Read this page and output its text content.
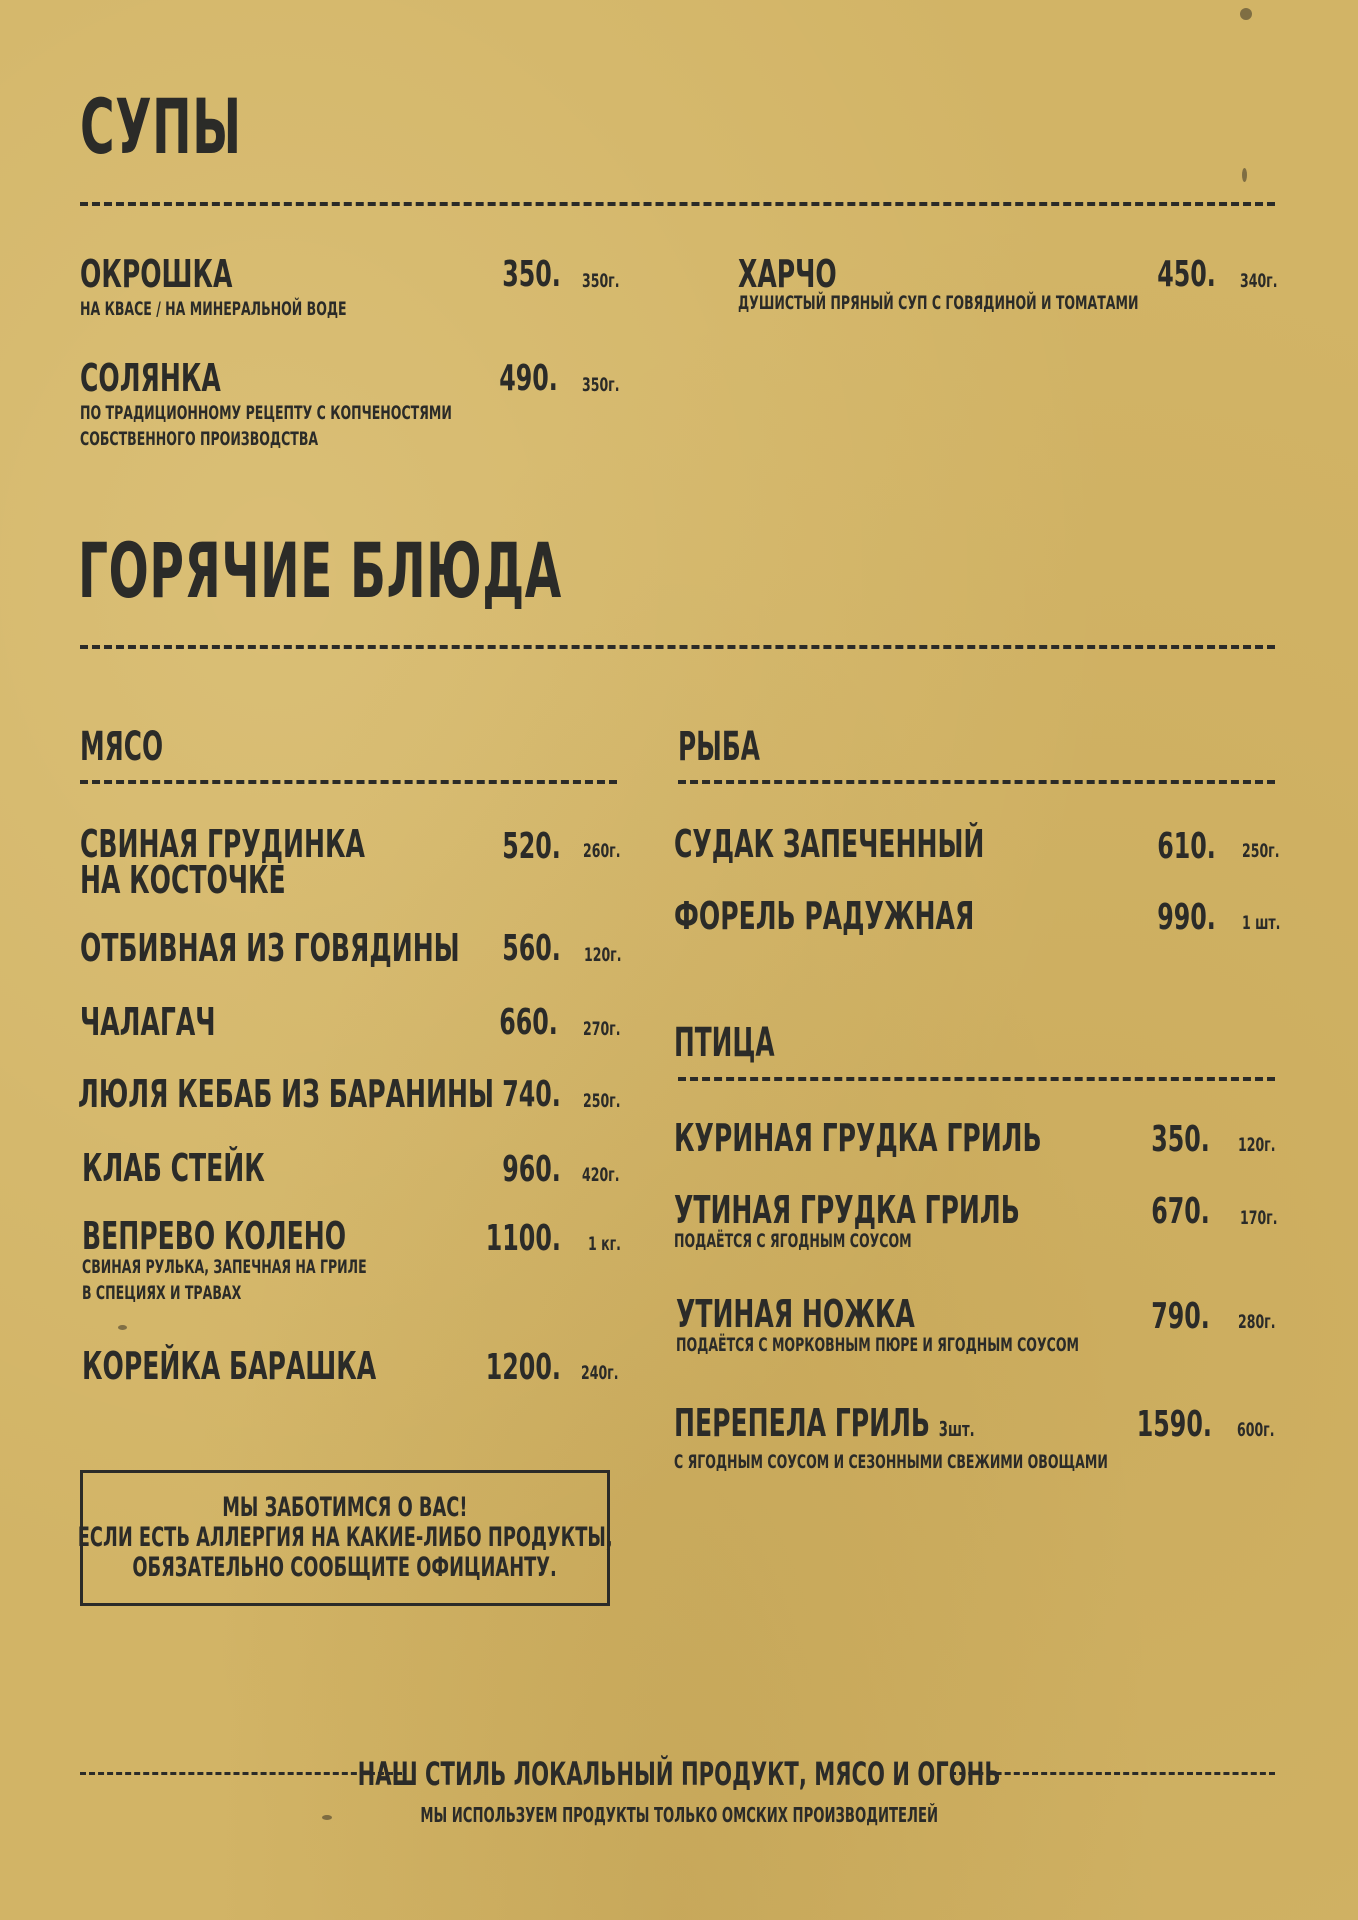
СУПЫ
ОКРОШКА
НА КВАСЕ / НА МИНЕРАЛЬНОЙ ВОДЕ
350. 350г.	ХАРЧО
ДУШИСТЫЙ ПРЯНЫЙ СУП С ГОВЯДИНОЙ И ТОМАТАМИ
450. 340г.
СОЛЯНКА
ПО ТРАДИЦИОННОМУ РЕЦЕПТУ С КОПЧЕНОСТЯМИ
СОБСТВЕННОГО ПРОИЗВОДСТВА
490. 350г.
ГОРЯЧИЕ БЛЮДА
МЯСО
СВИНАЯ ГРУДИНКА
НА КОСТОЧКЕ
520. 260г.
ОТБИВНАЯ ИЗ ГОВЯДИНЫ 560. 120г.
ЧАЛАГАЧ	660. 270г.
ЛЮЛЯ КЕБАБ ИЗ БАРАНИНЫ 740. 250г.
КЛАБ СТЕЙК	960. 420г.
ВЕПРЕВО КОЛЕНО
СВИНАЯ РУЛЬКА, ЗАПЕЧНАЯ НА ГРИЛЕ
В СПЕЦИЯХ И ТРАВАХ
1100. 1 кг.
КОРЕЙКА БАРАШКА	1200. 240г.
РЫБА
СУДАК ЗАПЕЧЕННЫЙ	610. 250г.
ФОРЕЛЬ РАДУЖНАЯ	990. 1 шт.
ПТИЦА
КУРИНАЯ ГРУДКА ГРИЛЬ	350. 120г.
УТИНАЯ ГРУДКА ГРИЛЬ
ПОДАЁТСЯ С ЯГОДНЫМ СОУСОМ
670. 170г.
УТИНАЯ НОЖКА
ПОДАЁТСЯ С МОРКОВНЫМ ПЮРЕ И ЯГОДНЫМ СОУСОМ
790. 280г.
ПЕРЕПЕЛА ГРИЛЬ 3шт.
С ЯГОДНЫМ СОУСОМ И СЕЗОННЫМИ СВЕЖИМИ ОВОЩАМИ
1590. 600г.
МЫ ЗАБОТИМСЯ О ВАС!
ЕСЛИ ЕСТЬ АЛЛЕРГИЯ НА КАКИЕ-ЛИБО ПРОДУКТЫ,
ОБЯЗАТЕЛЬНО СООБЩИТЕ ОФИЦИАНТУ.
НАШ СТИЛЬ ЛОКАЛЬНЫЙ ПРОДУКТ, МЯСО И ОГОНЬ
МЫ ИСПОЛЬЗУЕМ ПРОДУКТЫ ТОЛЬКО ОМСКИХ ПРОИЗВОДИТЕЛЕЙ
